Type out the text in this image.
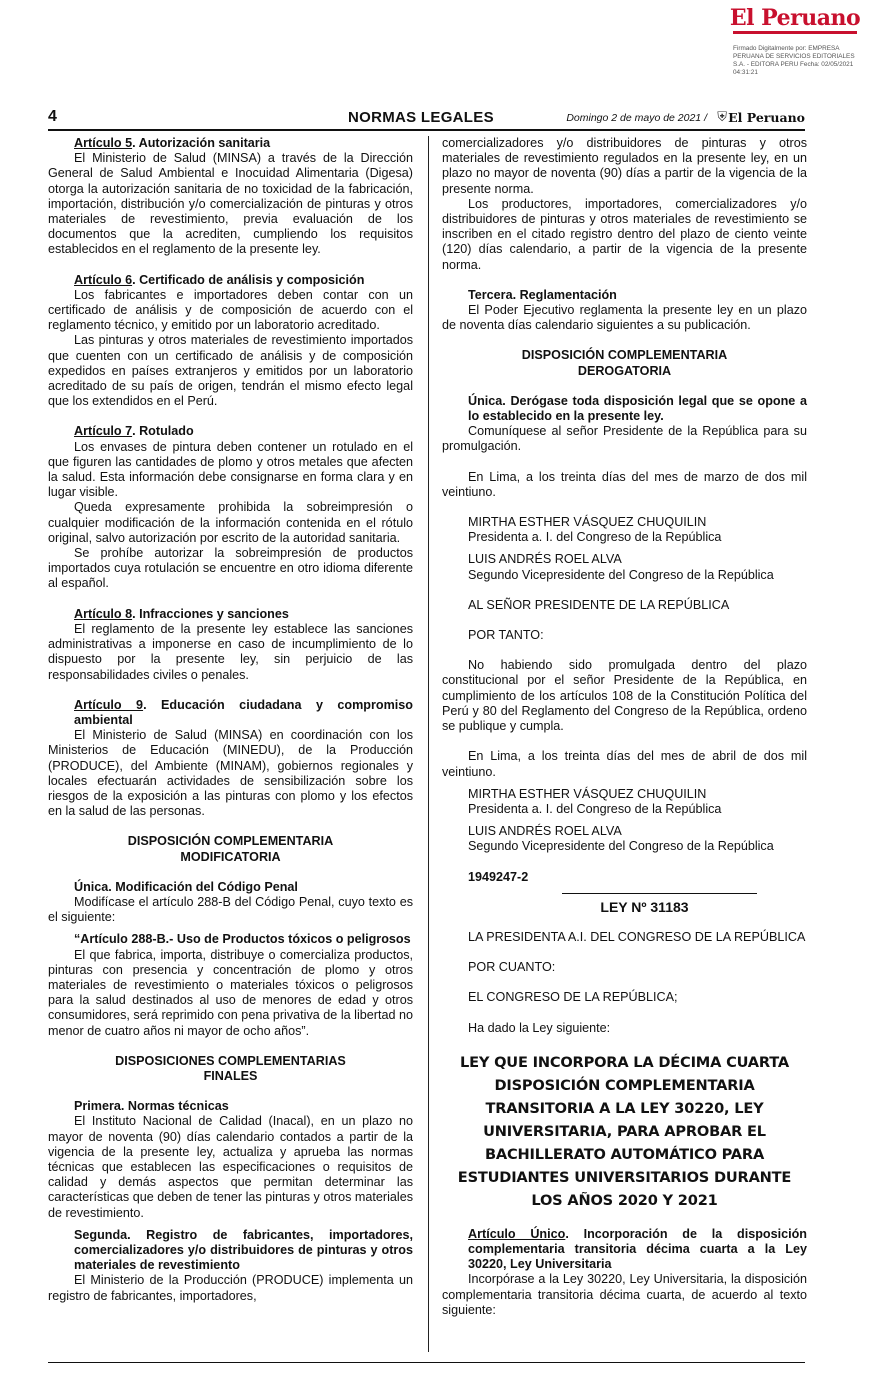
El Peruano
Firmado Digitalmente por: EMPRESA PERUANA DE SERVICIOS EDITORIALES S.A. - EDITORA PERU Fecha: 02/05/2021 04:31:21
4	NORMAS LEGALES	Domingo 2 de mayo de 2021 / ⛨ El Peruano

Artículo 5. Autorización sanitaria

El Ministerio de Salud (MINSA) a través de la Dirección General de Salud Ambiental e Inocuidad Alimentaria (Digesa) otorga la autorización sanitaria de no toxicidad de la fabricación, importación, distribución y/o comercialización de pinturas y otros materiales de revestimiento, previa evaluación de los documentos que la acrediten, cumpliendo los requisitos establecidos en el reglamento de la presente ley.

Artículo 6. Certificado de análisis y composición

Los fabricantes e importadores deben contar con un certificado de análisis y de composición de acuerdo con el reglamento técnico, y emitido por un laboratorio acreditado.

Las pinturas y otros materiales de revestimiento importados que cuenten con un certificado de análisis y de composición expedidos en países extranjeros y emitidos por un laboratorio acreditado de su país de origen, tendrán el mismo efecto legal que los extendidos en el Perú.

Artículo 7. Rotulado

Los envases de pintura deben contener un rotulado en el que figuren las cantidades de plomo y otros metales que afecten la salud. Esta información debe consignarse en forma clara y en lugar visible.

Queda expresamente prohibida la sobreimpresión o cualquier modificación de la información contenida en el rótulo original, salvo autorización por escrito de la autoridad sanitaria.

Se prohíbe autorizar la sobreimpresión de productos importados cuya rotulación se encuentre en otro idioma diferente al español.

Artículo 8. Infracciones y sanciones

El reglamento de la presente ley establece las sanciones administrativas a imponerse en caso de incumplimiento de lo dispuesto por la presente ley, sin perjuicio de las responsabilidades civiles o penales.

Artículo 9. Educación ciudadana y compromiso ambiental

El Ministerio de Salud (MINSA) en coordinación con los Ministerios de Educación (MINEDU), de la Producción (PRODUCE), del Ambiente (MINAM), gobiernos regionales y locales efectuarán actividades de sensibilización sobre los riesgos de la exposición a las pinturas con plomo y los efectos en la salud de las personas.

DISPOSICIÓN COMPLEMENTARIA
MODIFICATORIA

Única. Modificación del Código Penal

Modifícase el artículo 288-B del Código Penal, cuyo texto es el siguiente:

“Artículo 288-B.- Uso de Productos tóxicos o peligrosos

El que fabrica, importa, distribuye o comercializa productos, pinturas con presencia y concentración de plomo y otros materiales de revestimiento o materiales tóxicos o peligrosos para la salud destinados al uso de menores de edad y otros consumidores, será reprimido con pena privativa de la libertad no menor de cuatro años ni mayor de ocho años”.

DISPOSICIONES COMPLEMENTARIAS
FINALES

Primera. Normas técnicas

El Instituto Nacional de Calidad (Inacal), en un plazo no mayor de noventa (90) días calendario contados a partir de la vigencia de la presente ley, actualiza y aprueba las normas técnicas que establecen las especificaciones o requisitos de calidad y demás aspectos que permitan determinar las características que deben de tener las pinturas y otros materiales de revestimiento.

Segunda. Registro de fabricantes, importadores, comercializadores y/o distribuidores de pinturas y otros materiales de revestimiento

El Ministerio de la Producción (PRODUCE) implementa un registro de fabricantes, importadores,

comercializadores y/o distribuidores de pinturas y otros materiales de revestimiento regulados en la presente ley, en un plazo no mayor de noventa (90) días a partir de la vigencia de la presente norma.

Los productores, importadores, comercializadores y/o distribuidores de pinturas y otros materiales de revestimiento se inscriben en el citado registro dentro del plazo de ciento veinte (120) días calendario, a partir de la vigencia de la presente norma.

Tercera. Reglamentación

El Poder Ejecutivo reglamenta la presente ley en un plazo de noventa días calendario siguientes a su publicación.

DISPOSICIÓN COMPLEMENTARIA
DEROGATORIA

Única. Derógase toda disposición legal que se opone a lo establecido en la presente ley.

Comuníquese al señor Presidente de la República para su promulgación.

En Lima, a los treinta días del mes de marzo de dos mil veintiuno.

MIRTHA ESTHER VÁSQUEZ CHUQUILIN
Presidenta a. I. del Congreso de la República

LUIS ANDRÉS ROEL ALVA
Segundo Vicepresidente del Congreso de la República

AL SEÑOR PRESIDENTE DE LA REPÚBLICA

POR TANTO:

No habiendo sido promulgada dentro del plazo constitucional por el señor Presidente de la República, en cumplimiento de los artículos 108 de la Constitución Política del Perú y 80 del Reglamento del Congreso de la República, ordeno se publique y cumpla.

En Lima, a los treinta días del mes de abril de dos mil veintiuno.

MIRTHA ESTHER VÁSQUEZ CHUQUILIN
Presidenta a. I. del Congreso de la República

LUIS ANDRÉS ROEL ALVA
Segundo Vicepresidente del Congreso de la República

1949247-2

LEY Nº 31183

LA PRESIDENTA A.I. DEL CONGRESO DE LA REPÚBLICA

POR CUANTO:

EL CONGRESO DE LA REPÚBLICA;

Ha dado la Ley siguiente:

LEY QUE INCORPORA LA DÉCIMA CUARTA DISPOSICIÓN COMPLEMENTARIA TRANSITORIA A LA LEY 30220, LEY UNIVERSITARIA, PARA APROBAR EL BACHILLERATO AUTOMÁTICO PARA ESTUDIANTES UNIVERSITARIOS DURANTE LOS AÑOS 2020 Y 2021

Artículo Único. Incorporación de la disposición complementaria transitoria décima cuarta a la Ley 30220, Ley Universitaria

Incorpórase a la Ley 30220, Ley Universitaria, la disposición complementaria transitoria décima cuarta, de acuerdo al texto siguiente:
